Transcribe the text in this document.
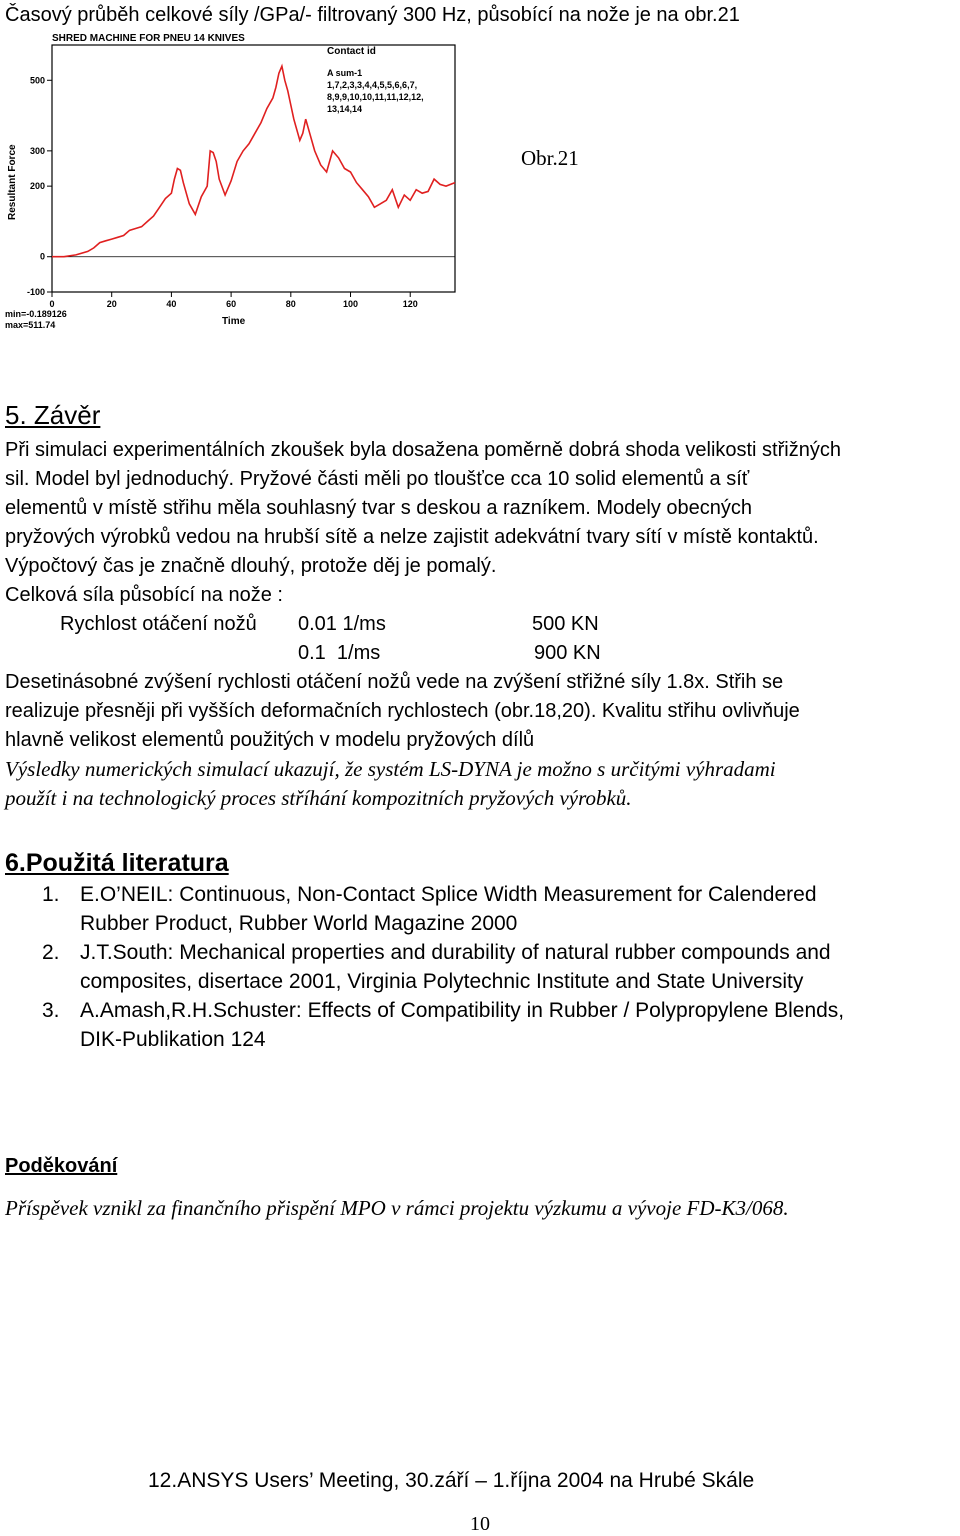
Časový průběh celkové síly /GPa/- filtrovaný 300 Hz, působící na nože je na obr.21
-100
0
200
300
500
0	20	40	60	80	100	120
SHRED MACHINE FOR PNEU 14 KNIVES
Resultant Force
Time
Contact id
A sum-1
1,7,2,3,3,4,4,5,5,6,6,7,
8,9,9,10,10,11,11,12,12,
13,14,14
min=-0.189126
max=511.74
Obr.21
5. Závěr
Při simulaci experimentálních zkoušek byla dosažena poměrně dobrá shoda velikosti střižných
sil. Model byl jednoduchý. Pryžové části měli po tloušťce cca 10 solid elementů a síť
elementů v místě střihu měla souhlasný tvar s deskou a razníkem. Modely obecných
pryžových výrobků vedou na hrubší sítě a nelze zajistit adekvátní tvary sítí v místě kontaktů.
Výpočtový čas je značně dlouhý, protože děj je pomalý.
Celková síla působící na nože :
Rychlost otáčení nožů 0.01 1/ms	500 KN
0.1  1/ms	900 KN
Desetinásobné zvýšení rychlosti otáčení nožů vede na zvýšení střižné síly 1.8x. Střih se
realizuje přesněji při vyšších deformačních rychlostech (obr.18,20). Kvalitu střihu ovlivňuje
hlavně velikost elementů použitých v modelu pryžových dílů
Výsledky numerických simulací ukazují, že systém LS-DYNA je možno s určitými výhradami
použít i na technologický proces stříhání kompozitních pryžových výrobků.
6.Použitá literatura
1. E.O’NEIL: Continuous, Non-Contact Splice Width Measurement for Calendered
Rubber Product, Rubber World Magazine 2000
2. J.T.South: Mechanical properties and durability of natural rubber compounds and
composites, disertace 2001, Virginia Polytechnic Institute and State University
3. A.Amash,R.H.Schuster: Effects of Compatibility in Rubber / Polypropylene Blends,
DIK-Publikation 124
Poděkování
Příspěvek vznikl za finančního přispění MPO v rámci projektu výzkumu a vývoje FD-K3/068.
12.ANSYS Users’ Meeting, 30.září – 1.října 2004 na Hrubé Skále
10
